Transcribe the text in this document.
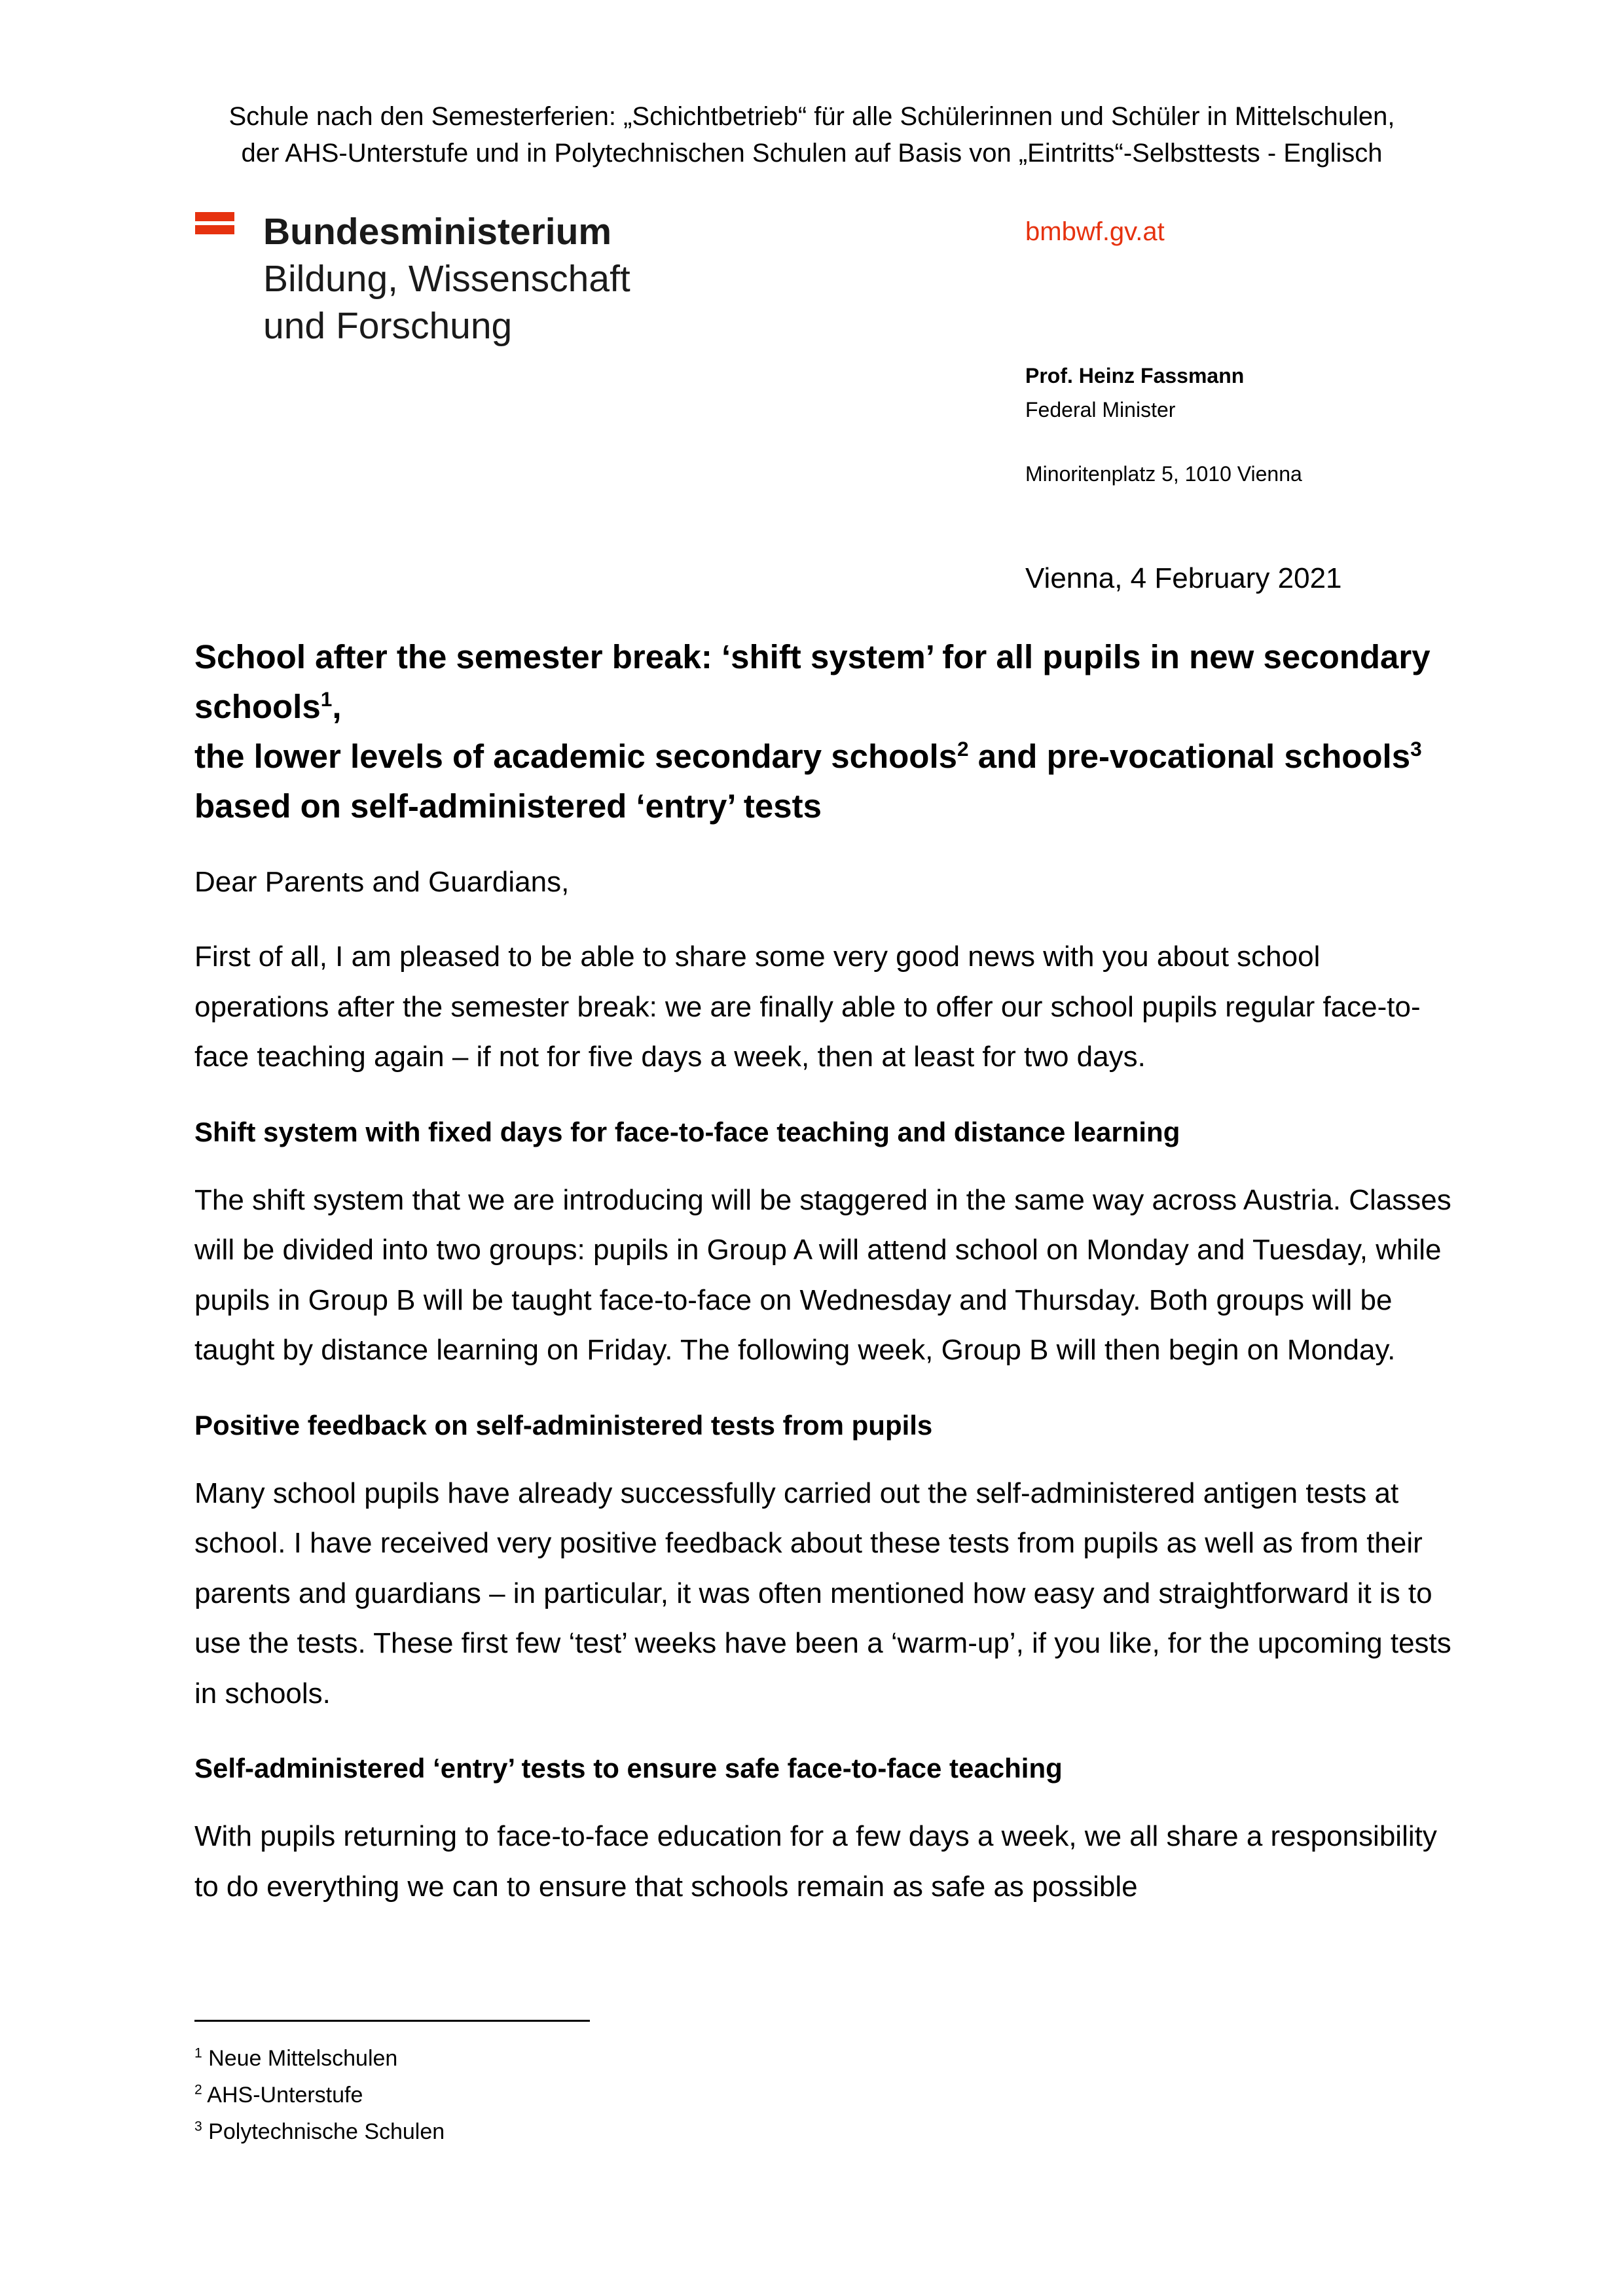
Schule nach den Semesterferien: „Schichtbetrieb“ für alle Schülerinnen und Schüler in Mittelschulen,
der AHS-Unterstufe und in Polytechnischen Schulen auf Basis von „Eintritts“-Selbsttests - Englisch
Bundesministerium
Bildung, Wissenschaft
und Forschung
bmbwf.gv.at
Prof. Heinz Fassmann
Federal Minister
Minoritenplatz 5, 1010 Vienna
Vienna, 4 February 2021
School after the semester break: ‘shift system’ for all pupils in new secondary schools$^1$,
the lower levels of academic secondary schools$^2$ and pre-vocational schools$^3$
based on self-administered ‘entry’ tests
Dear Parents and Guardians,
First of all, I am pleased to be able to share some very good news with you about school operations after the semester break: we are finally able to offer our school pupils regular face-to-face teaching again – if not for five days a week, then at least for two days.
Shift system with fixed days for face-to-face teaching and distance learning
The shift system that we are introducing will be staggered in the same way across Austria. Classes will be divided into two groups: pupils in Group A will attend school on Monday and Tuesday, while pupils in Group B will be taught face-to-face on Wednesday and Thursday. Both groups will be taught by distance learning on Friday. The following week, Group B will then begin on Monday.
Positive feedback on self-administered tests from pupils
Many school pupils have already successfully carried out the self-administered antigen tests at school. I have received very positive feedback about these tests from pupils as well as from their parents and guardians – in particular, it was often mentioned how easy and straightforward it is to use the tests. These first few ‘test’ weeks have been a ‘warm-up’, if you like, for the upcoming tests in schools.
Self-administered ‘entry’ tests to ensure safe face-to-face teaching
With pupils returning to face-to-face education for a few days a week, we all share a responsibility to do everything we can to ensure that schools remain as safe as possible
$^1$ Neue Mittelschulen
$^2$ AHS-Unterstufe
$^3$ Polytechnische Schulen
